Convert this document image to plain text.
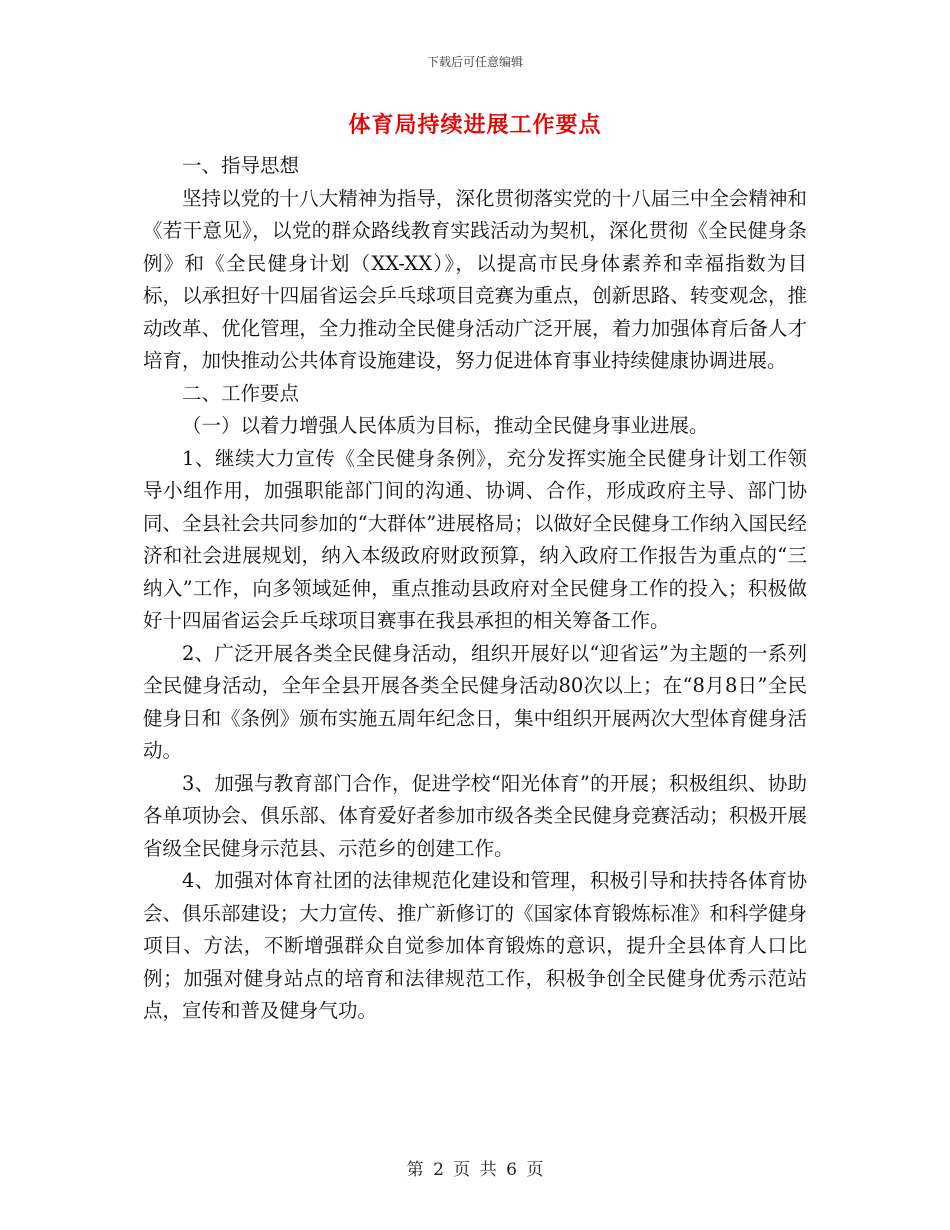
下载后可任意编辑
体育局持续进展工作要点

一、指导思想

坚持以党的十八大精神为指导，深化贯彻落实党的十八届三中全会精神和《若干意见》，以党的群众路线教育实践活动为契机，深化贯彻《全民健身条例》和《全民健身计划（XX-XX）》，以提高市民身体素养和幸福指数为目标，以承担好十四届省运会乒乓球项目竞赛为重点，创新思路、转变观念，推动改革、优化管理，全力推动全民健身活动广泛开展，着力加强体育后备人才培育，加快推动公共体育设施建设，努力促进体育事业持续健康协调进展。

二、工作要点

（一）以着力增强人民体质为目标，推动全民健身事业进展。

1、继续大力宣传《全民健身条例》，充分发挥实施全民健身计划工作领导小组作用，加强职能部门间的沟通、协调、合作，形成政府主导、部门协同、全县社会共同参加的“大群体”进展格局；以做好全民健身工作纳入国民经济和社会进展规划，纳入本级政府财政预算，纳入政府工作报告为重点的“三纳入”工作，向多领域延伸，重点推动县政府对全民健身工作的投入；积极做好十四届省运会乒乓球项目赛事在我县承担的相关筹备工作。

2、广泛开展各类全民健身活动，组织开展好以“迎省运”为主题的一系列全民健身活动，全年全县开展各类全民健身活动80次以上；在“8月8日”全民健身日和《条例》颁布实施五周年纪念日，集中组织开展两次大型体育健身活动。

3、加强与教育部门合作，促进学校“阳光体育”的开展；积极组织、协助各单项协会、俱乐部、体育爱好者参加市级各类全民健身竞赛活动；积极开展省级全民健身示范县、示范乡的创建工作。

4、加强对体育社团的法律规范化建设和管理，积极引导和扶持各体育协会、俱乐部建设；大力宣传、推广新修订的《国家体育锻炼标准》和科学健身项目、方法，不断增强群众自觉参加体育锻炼的意识，提升全县体育人口比例；加强对健身站点的培育和法律规范工作，积极争创全民健身优秀示范站点，宣传和普及健身气功。

第 2 页 共 6 页
